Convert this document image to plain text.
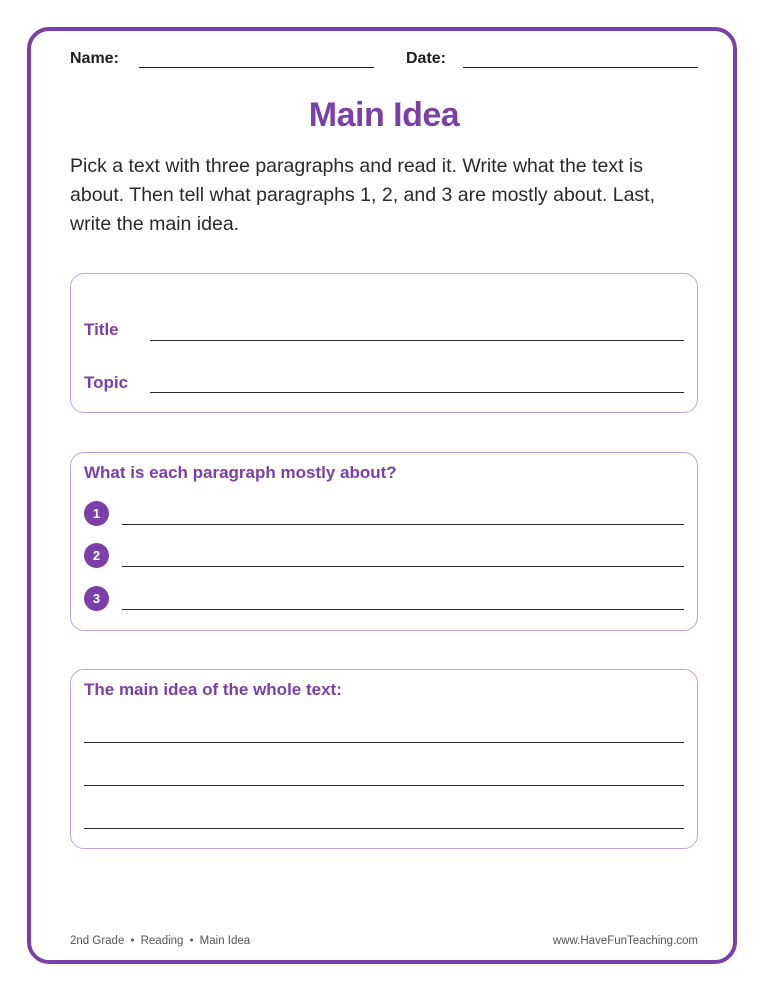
Name:	Date:
Main Idea
Pick a text with three paragraphs and read it. Write what the text is about. Then tell what paragraphs 1, 2, and 3 are mostly about. Last, write the main idea.
Title
Topic
What is each paragraph mostly about?
1
2
3
The main idea of the whole text:
2nd Grade ● Reading ● Main Idea	www.HaveFunTeaching.com
